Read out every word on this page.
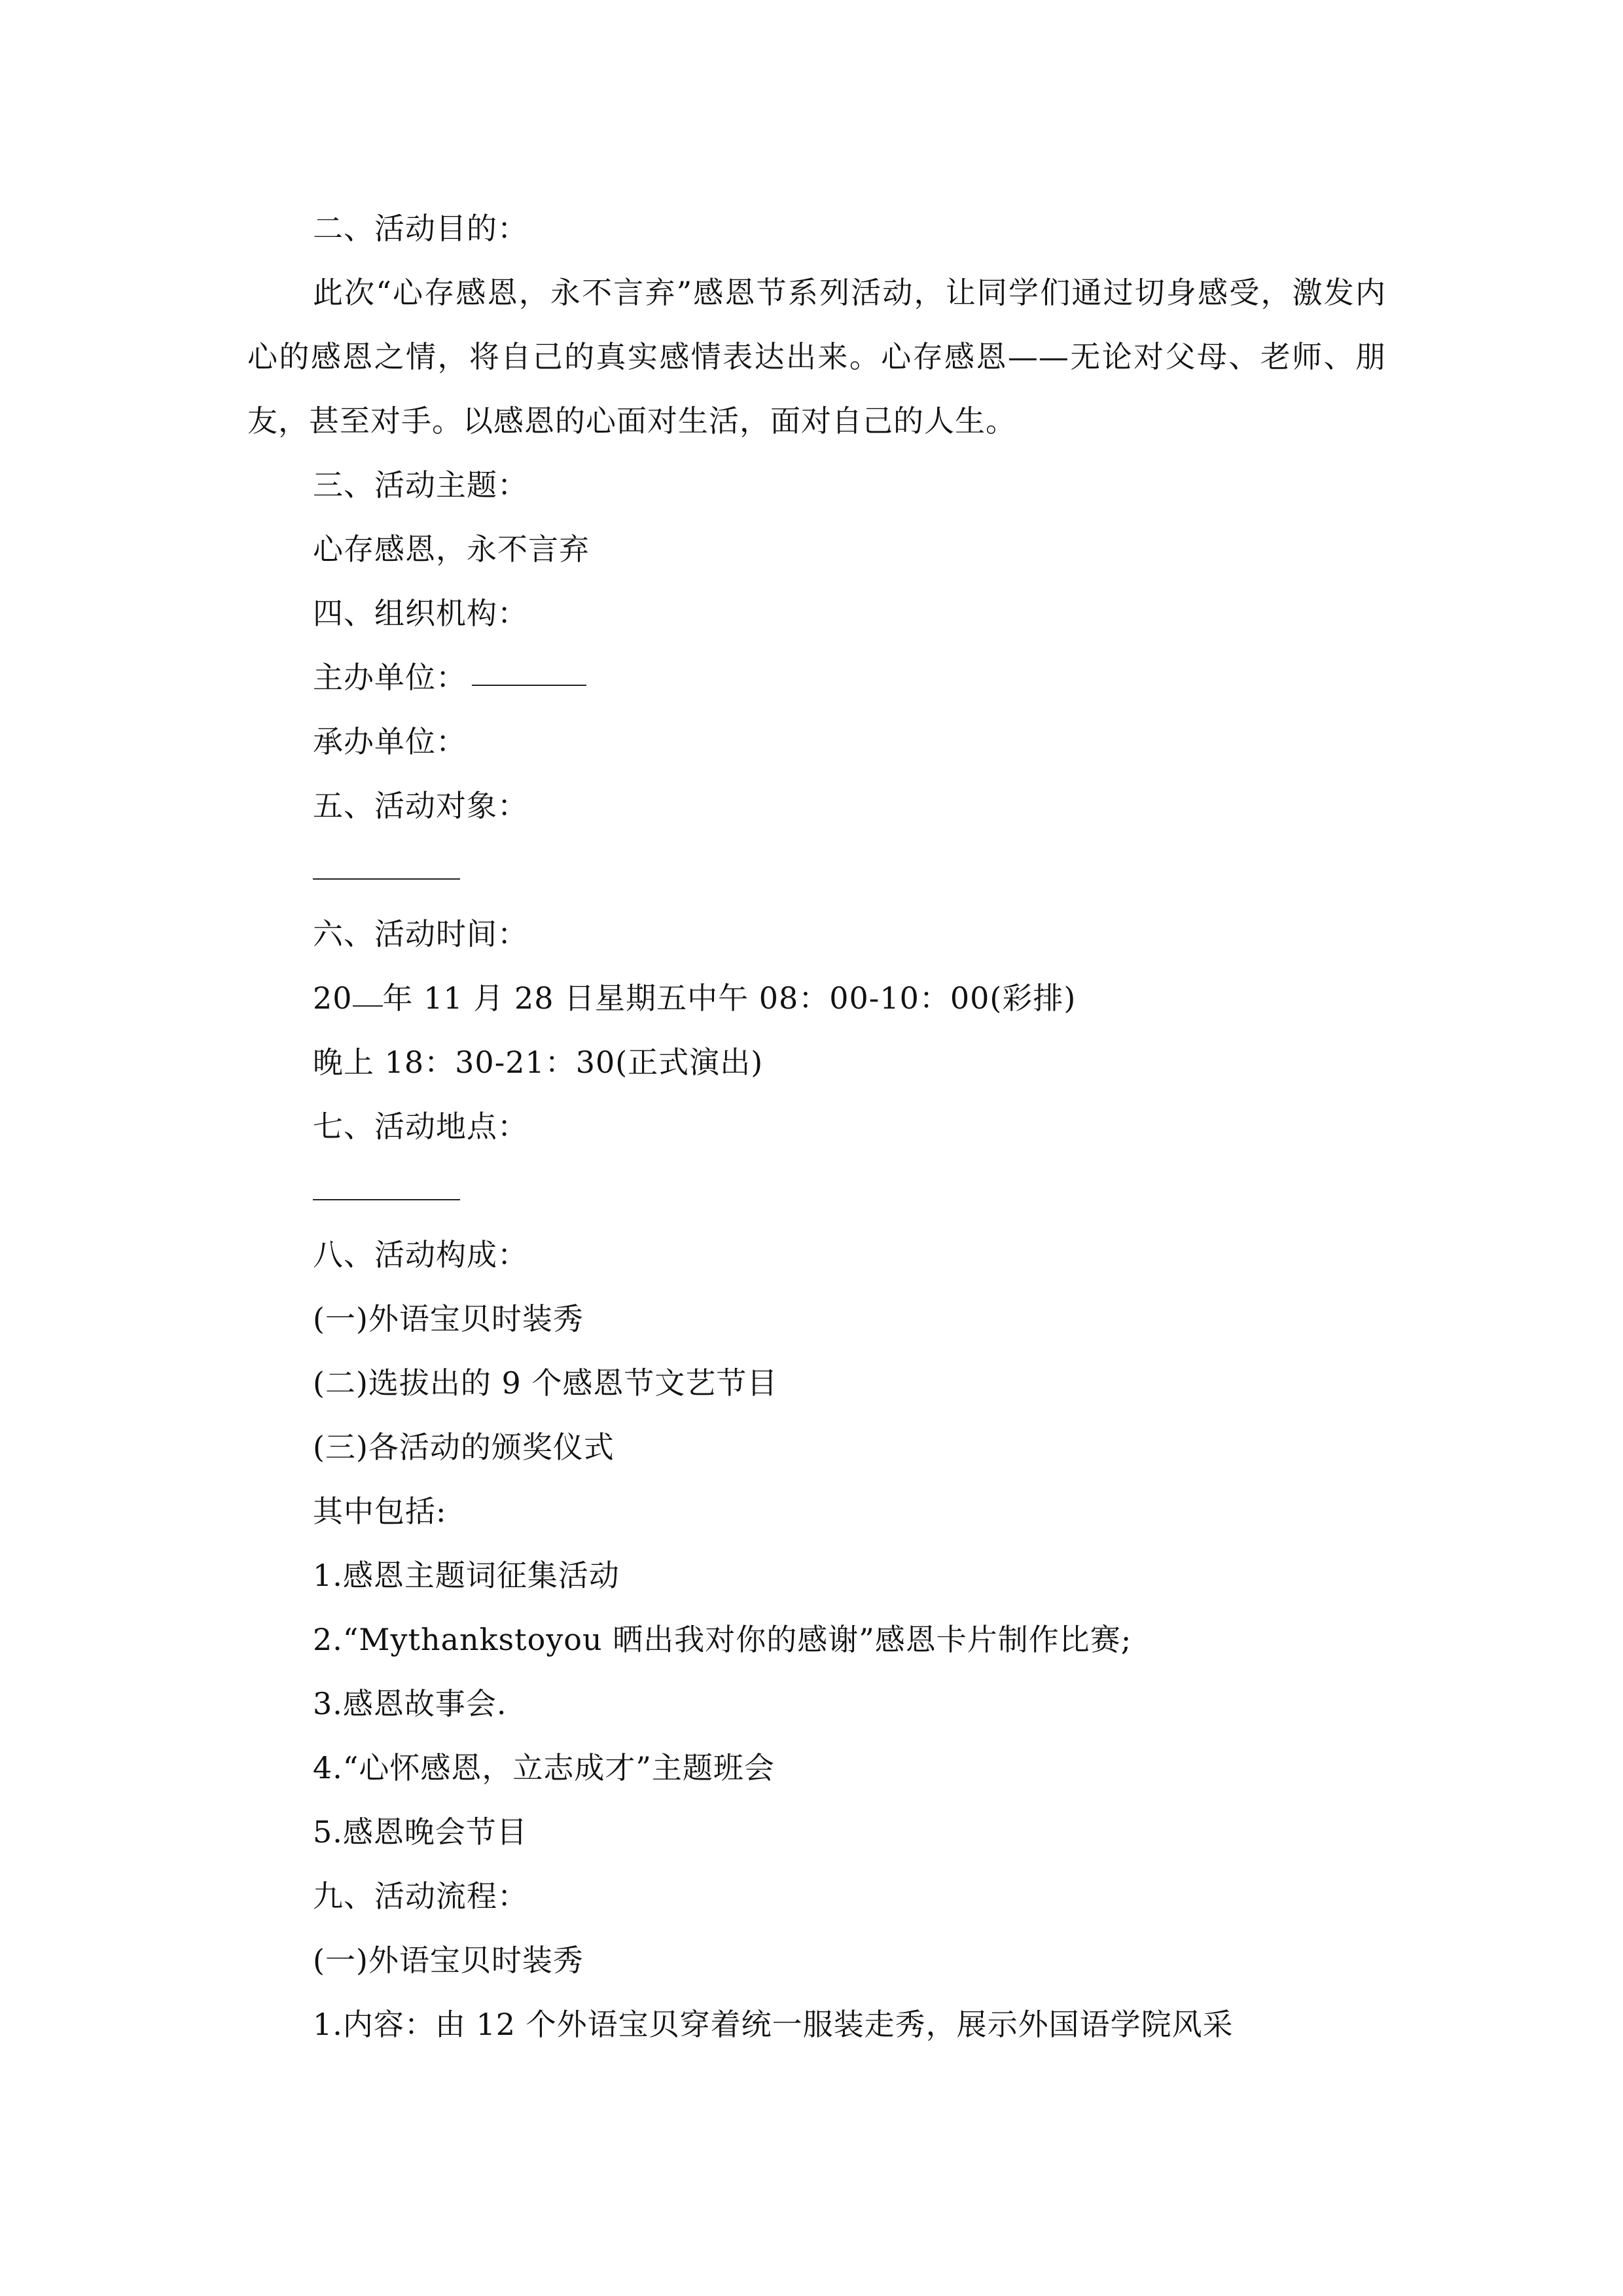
二、活动目的：
此次“心存感恩，永不言弃”感恩节系列活动，让同学们通过切身感受，激发内心的感恩之情，将自己的真实感情表达出来。心存感恩——无论对父母、老师、朋友，甚至对手。以感恩的心面对生活，面对自己的人生。
三、活动主题：
心存感恩，永不言弃
四、组织机构：
主办单位：
承办单位：
五、活动对象：
六、活动时间：
20 年 11 月 28 日星期五中午 08：00-10：00(彩排)
晚上 18：30-21：30(正式演出)
七、活动地点：
八、活动构成：
(一)外语宝贝时装秀
(二)选拔出的 9 个感恩节文艺节目
(三)各活动的颁奖仪式
其中包括:
1.感恩主题词征集活动
2.“Mythankstoyou 晒出我对你的感谢”感恩卡片制作比赛;
3.感恩故事会.
4.“心怀感恩，立志成才”主题班会
5.感恩晚会节目
九、活动流程：
(一)外语宝贝时装秀
1.内容：由 12 个外语宝贝穿着统一服装走秀，展示外国语学院风采
